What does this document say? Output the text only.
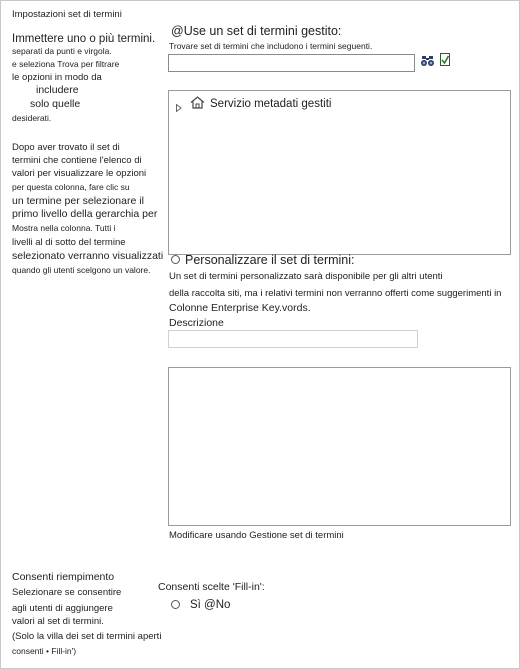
Impostazioni set di termini
Immettere uno o più termini.
separati da punti e virgola.
e seleziona Trova per filtrare
le opzioni in modo da
includere
solo quelle
desiderati.
Dopo aver trovato il set di
termini che contiene l'elenco di
valori per visualizzare le opzioni
per questa colonna, fare clic su
un termine per selezionare il
primo livello della gerarchia per
Mostra nella colonna. Tutti i
livelli al di sotto del termine
selezionato verranno visualizzati
quando gli utenti scelgono un valore.
@Use un set di termini gestito:
Trovare set di termini che includono i termini seguenti.
Servizio metadati gestiti
Personalizzare il set di termini:
Un set di termini personalizzato sarà disponibile per gli altri utenti
della raccolta siti, ma i relativi termini non verranno offerti come suggerimenti in
Colonne Enterprise Key.vords.
Descrizione
Modificare usando Gestione set di termini
Consenti riempimento
Selezionare se consentire
agli utenti di aggiungere
valori al set di termini.
(Solo la villa dei set di termini aperti
consenti • Fill-in')
Consenti scelte 'Fill-in':
Sì @No
